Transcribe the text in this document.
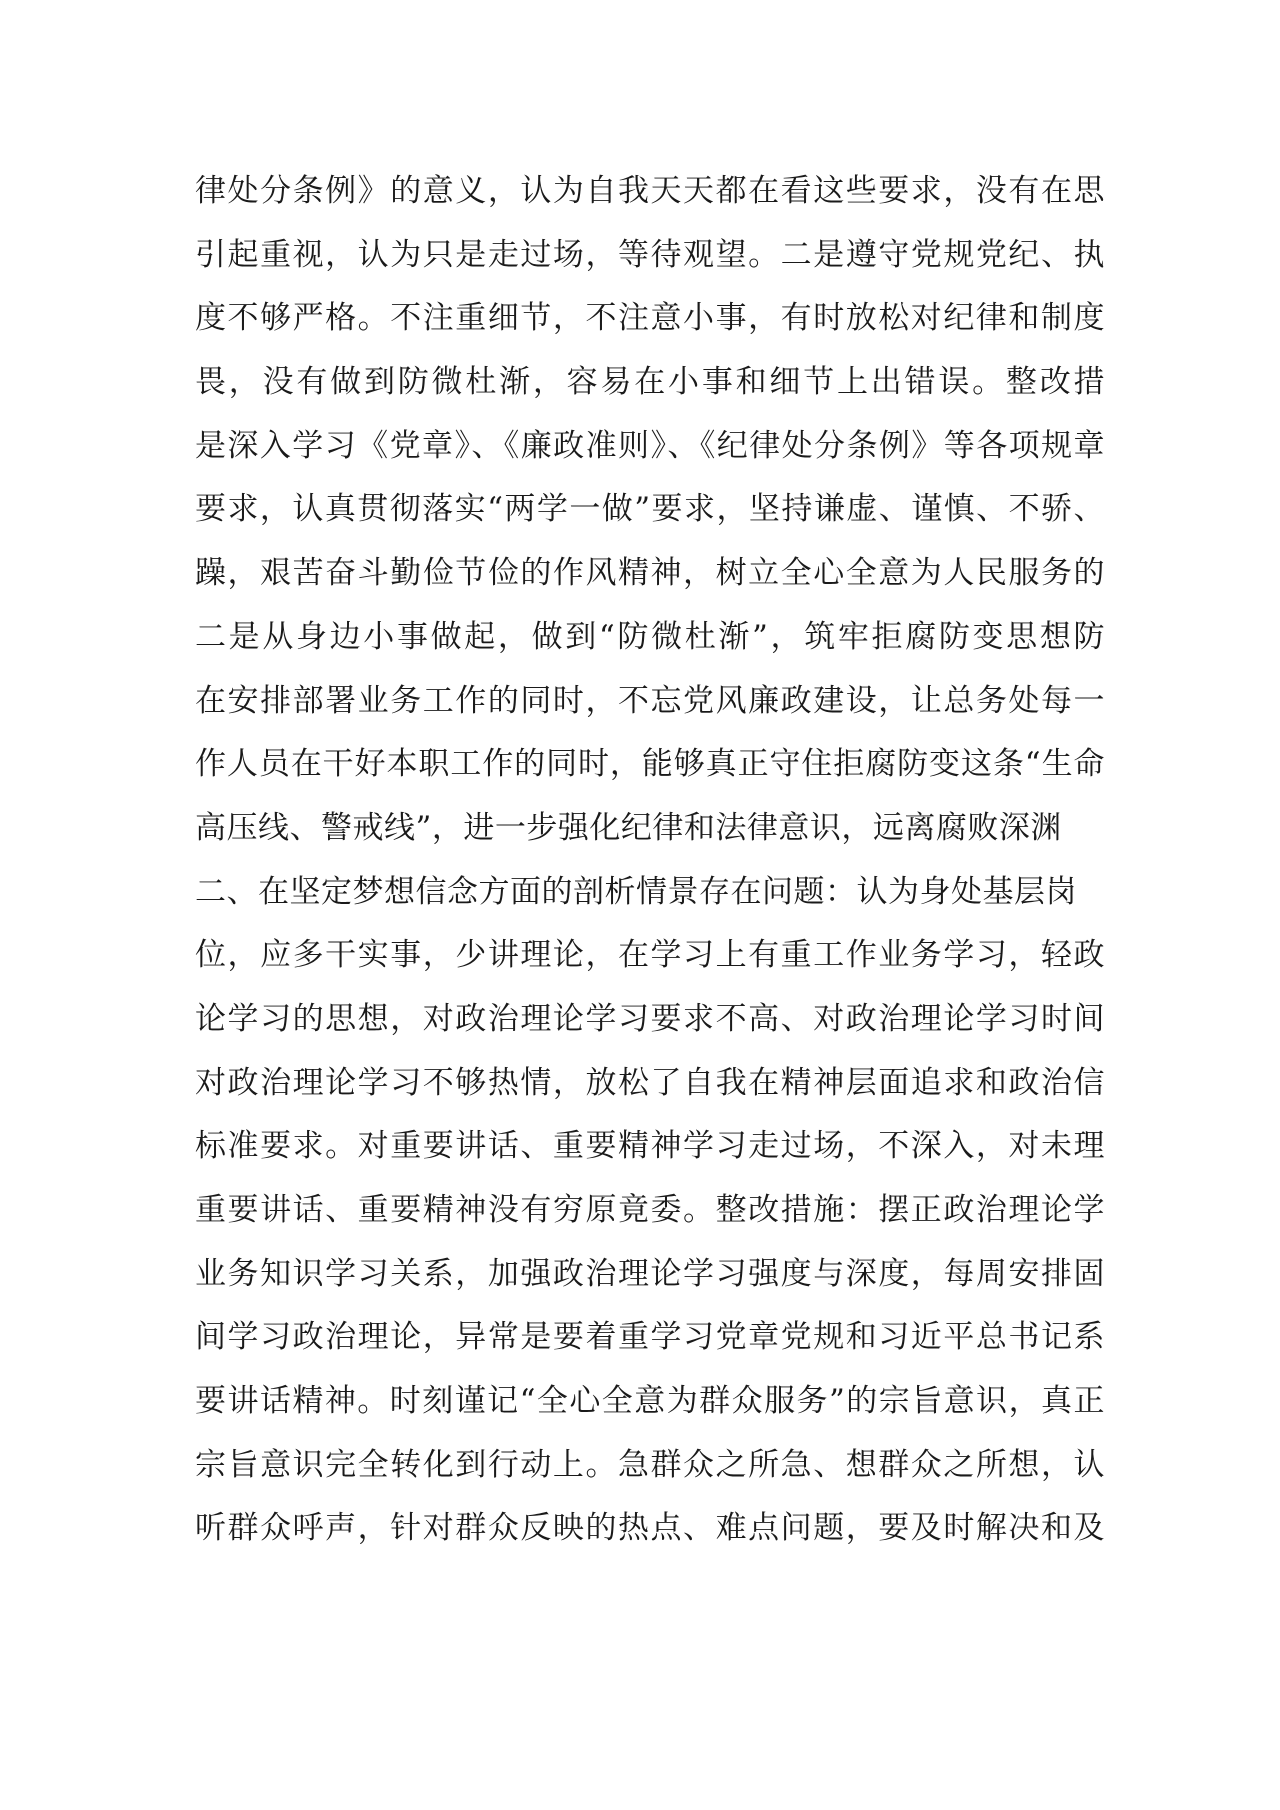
律处分条例》的意义，认为自我天天都在看这些要求，没有在思
引起重视，认为只是走过场，等待观望。二是遵守党规党纪、执
度不够严格。不注重细节，不注意小事，有时放松对纪律和制度
畏，没有做到防微杜渐，容易在小事和细节上出错误。整改措
是深入学习《党章》、《廉政准则》、《纪律处分条例》等各项规章
要求，认真贯彻落实“两学一做”要求，坚持谦虚、谨慎、不骄、
躁，艰苦奋斗勤俭节俭的作风精神，树立全心全意为人民服务的
二是从身边小事做起，做到“防微杜渐”，筑牢拒腐防变思想防
在安排部署业务工作的同时，不忘党风廉政建设，让总务处每一
作人员在干好本职工作的同时，能够真正守住拒腐防变这条“生命
高压线、警戒线”，进一步强化纪律和法律意识，远离腐败深渊
二、在坚定梦想信念方面的剖析情景存在问题：认为身处基层岗
位，应多干实事，少讲理论，在学习上有重工作业务学习，轻政
论学习的思想，对政治理论学习要求不高、对政治理论学习时间
对政治理论学习不够热情，放松了自我在精神层面追求和政治信
标准要求。对重要讲话、重要精神学习走过场，不深入，对未理
重要讲话、重要精神没有穷原竟委。整改措施：摆正政治理论学
业务知识学习关系，加强政治理论学习强度与深度，每周安排固
间学习政治理论，异常是要着重学习党章党规和习近平总书记系
要讲话精神。时刻谨记“全心全意为群众服务”的宗旨意识，真正
宗旨意识完全转化到行动上。急群众之所急、想群众之所想，认
听群众呼声，针对群众反映的热点、难点问题，要及时解决和及
